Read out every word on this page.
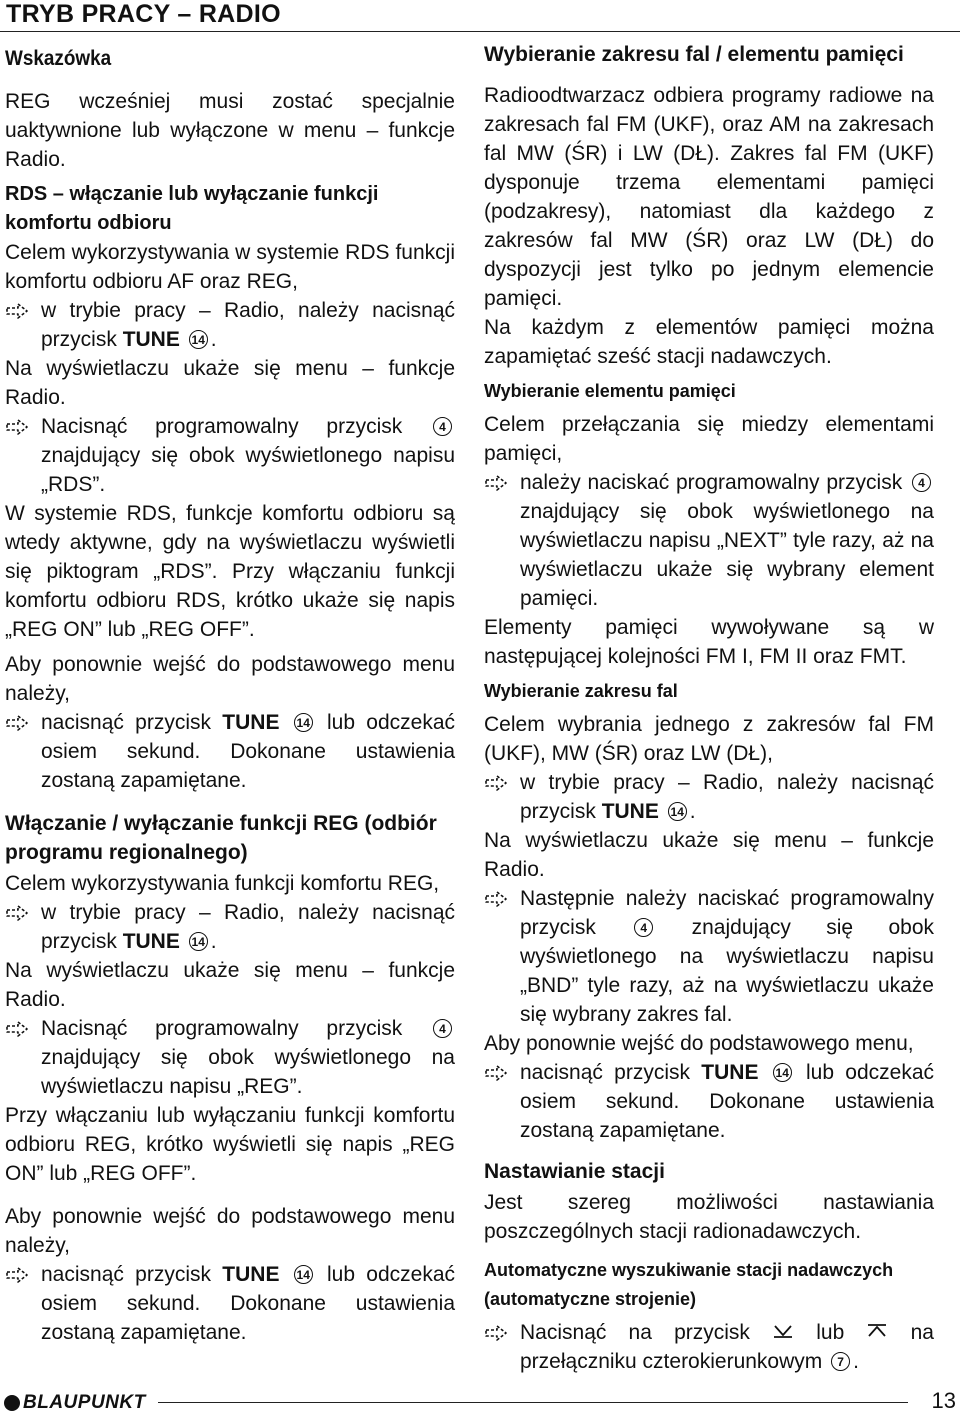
TRYB PRACY – RADIO
Wskazówka

REG wcześniej musi zostać specjalnie uaktywnione lub wyłączone w menu – funkcje Radio.

RDS – włączanie lub wyłączanie funkcji komfortu odbioru

Celem wykorzystywania w systemie RDS funkcji komfortu odbioru AF oraz REG,

w trybie pracy – Radio, należy nacisnąć przycisk TUNE 14 .

Na wyświetlaczu ukaże się menu – funkcje Radio.

Nacisnąć programowalny przycisk	4 znajdujący się obok wyświetlonego napisu „RDS”.

W systemie RDS, funkcje komfortu odbioru są wtedy aktywne, gdy na wyświetlaczu wyświetli się piktogram „RDS”. Przy włączaniu funkcji komfortu odbioru RDS, krótko ukaże się napis „REG ON” lub „REG OFF”.

Aby ponownie wejść do podstawowego menu należy,

nacisnąć przycisk TUNE 14 lub odczekać osiem sekund. Dokonane ustawienia zostaną zapamiętane.

Włączanie / wyłączanie funkcji REG (odbiór programu regionalnego)

Celem wykorzystywania funkcji komfortu REG,

w trybie pracy – Radio, należy nacisnąć przycisk TUNE 14 .

Na wyświetlaczu ukaże się menu – funkcje Radio.

Nacisnąć programowalny przycisk	4 znajdujący się obok wyświetlonego na wyświetlaczu napisu „REG”.

Przy włączaniu lub wyłączaniu funkcji komfortu odbioru REG, krótko wyświetli się napis „REG ON” lub „REG OFF”.

Aby ponownie wejść do podstawowego menu należy,

nacisnąć przycisk TUNE 14 lub odczekać osiem sekund. Dokonane ustawienia zostaną zapamiętane.

Wybieranie zakresu fal / elementu pamięci

Radioodtwarzacz odbiera programy radiowe na zakresach fal FM (UKF), oraz AM na zakresach fal MW (ŚR) i LW (DŁ). Zakres fal FM (UKF) dysponuje trzema elementami pamięci (podzakresy), natomiast dla każdego z zakresów fal MW (ŚR) oraz LW (DŁ) do dyspozycji jest tylko po jednym elemencie pamięci.

Na każdym z elementów pamięci można zapamiętać sześć stacji nadawczych.

Wybieranie elementu pamięci

Celem przełączania się miedzy elementami pamięci,

należy naciskać programowalny przycisk 4 znajdujący się obok wyświetlonego na wyświetlaczu napisu „NEXT” tyle razy, aż na wyświetlaczu ukaże się wybrany element pamięci.

Elementy pamięci wywoływane są w następującej kolejności FM I, FM II oraz FMT.

Wybieranie zakresu fal

Celem wybrania jednego z zakresów fal FM (UKF), MW (ŚR) oraz LW (DŁ),

w trybie pracy – Radio, należy nacisnąć przycisk TUNE 14 .

Na wyświetlaczu ukaże się menu – funkcje Radio.

Następnie należy naciskać programowalny przycisk	4 znajdujący się obok wyświetlonego na wyświetlaczu napisu „BND” tyle razy, aż na wyświetlaczu ukaże się wybrany zakres fal.

Aby ponownie wejść do podstawowego menu,

nacisnąć przycisk TUNE 14 lub odczekać osiem sekund. Dokonane ustawienia zostaną zapamiętane.

Nastawianie stacji

Jest szereg możliwości nastawiania poszczególnych stacji radionadawczych.

Automatyczne wyszukiwanie stacji nadawczych (automatyczne strojenie)

Nacisnąć na przycisk	lub	na przełączniku czterokierunkowym 7 .
BLAUPUNKT	13
